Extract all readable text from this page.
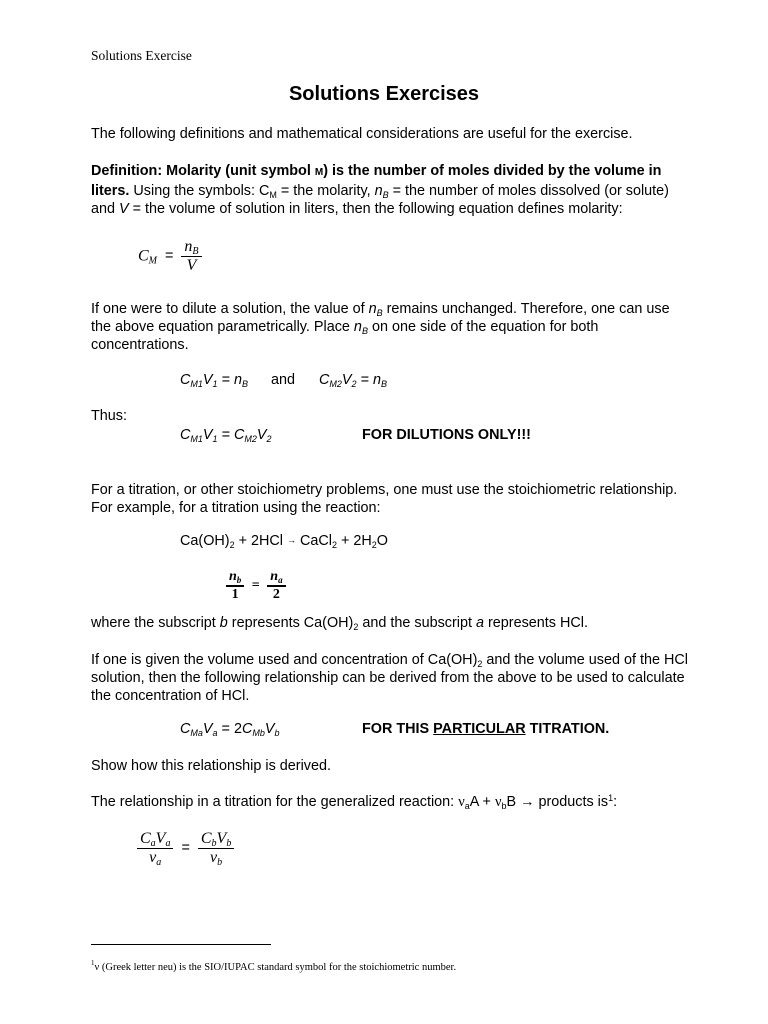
Solutions Exercise
Solutions Exercises
The following definitions and mathematical considerations are useful for the exercise.
Definition: Molarity (unit symbol M) is the number of moles divided by the volume in liters. Using the symbols: $C_M$ = the molarity, $n_B$ = the number of moles dissolved (or solute) and V = the volume of solution in liters, then the following equation defines molarity:
$C_M = \frac{n_B}{V}$
If one were to dilute a solution, the value of $n_B$ remains unchanged. Therefore, one can use the above equation parametrically. Place $n_B$ on one side of the equation for both concentrations.
$C_{M1}V_1 = n_B$ and $C_{M2}V_2 = n_B$
Thus:
$C_{M1}V_1 = C_{M2}V_2$	FOR DILUTIONS ONLY!!!
For a titration, or other stoichiometry problems, one must use the stoichiometric relationship. For example, for a titration using the reaction:
$Ca(OH)_2 + 2HCl$ → CaCl$_2$ + $2H_2O$
$\frac{n_b}{1} = \frac{n_a}{2}$
where the subscript b represents $Ca(OH)_2$ and the subscript a represents HCl.
If one is given the volume used and concentration of $Ca(OH)_2$ and the volume used of the HCl solution, then the following relationship can be derived from the above to be used to calculate the concentration of HCl.
$C_{Ma}V_a = 2C_{Mb}V_b$	FOR THIS PARTICULAR TITRATION.
Show how this relationship is derived.
The relationship in a titration for the generalized reaction: $\nu_aA + \nu_bB$ → products $is^1$:
$\frac{C_aV_a}{\nu_a} = \frac{C_bV_b}{\nu_b}$
$^1$ν (Greek letter neu) is the SIO/IUPAC standard symbol for the stoichiometric number.
